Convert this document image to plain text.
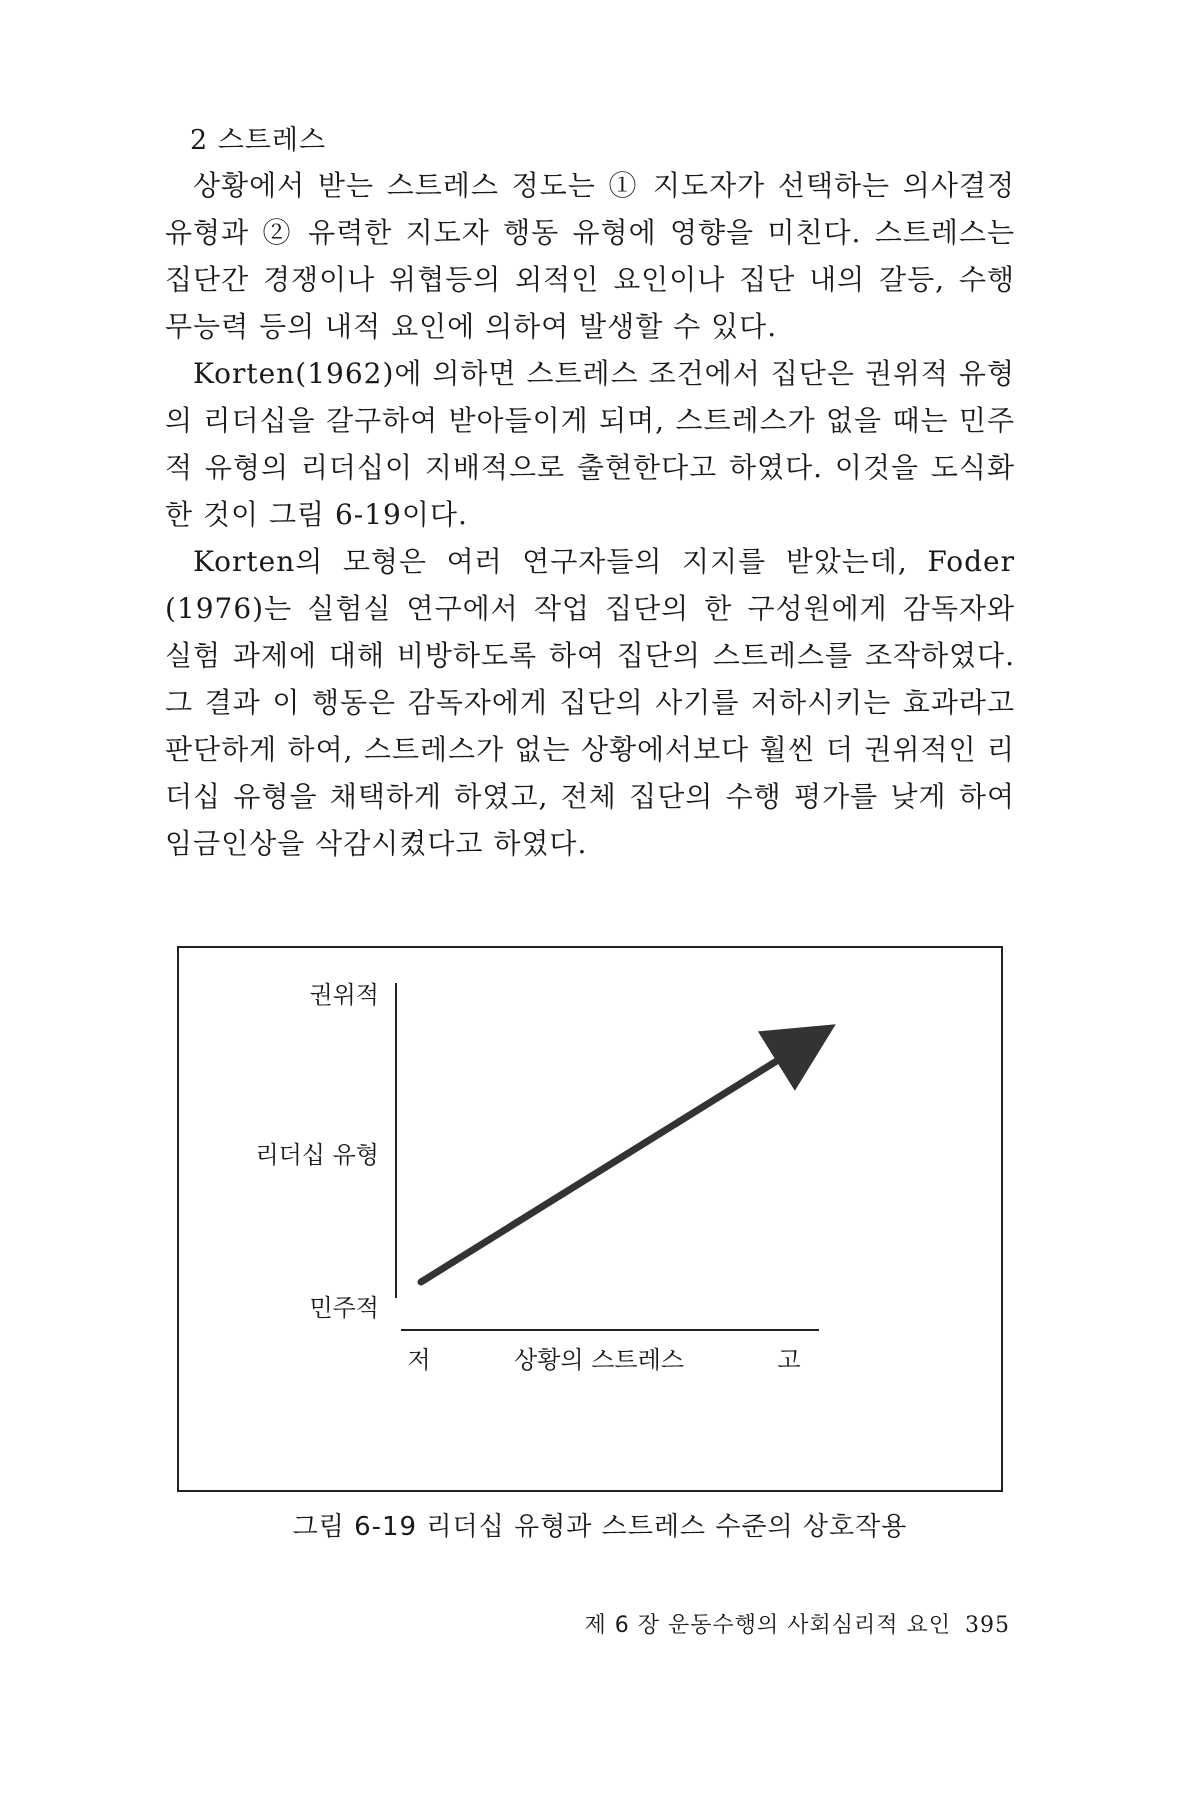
2 스트레스

상황에서 받는 스트레스 정도는 ① 지도자가 선택하는 의사결정 유형과 ② 유력한 지도자 행동 유형에 영향을 미친다. 스트레스는 집단간 경쟁이나 위협등의 외적인 요인이나 집단 내의 갈등, 수행 무능력 등의 내적 요인에 의하여 발생할 수 있다.

Korten(1962)에 의하면 스트레스 조건에서 집단은 권위적 유형의 리더십을 갈구하여 받아들이게 되며, 스트레스가 없을 때는 민주적 유형의 리더십이 지배적으로 출현한다고 하였다. 이것을 도식화한 것이 그림 6-19이다.

Korten의 모형은 여러 연구자들의 지지를 받았는데, Foder (1976)는 실험실 연구에서 작업 집단의 한 구성원에게 감독자와 실험 과제에 대해 비방하도록 하여 집단의 스트레스를 조작하였다. 그 결과 이 행동은 감독자에게 집단의 사기를 저하시키는 효과라고 판단하게 하여, 스트레스가 없는 상황에서보다 훨씬 더 권위적인 리더십 유형을 채택하게 하였고, 전체 집단의 수행 평가를 낮게 하여 임금인상을 삭감시켰다고 하였다.

권위적
리더십 유형
민주적
저	상황의 스트레스	고

그림 6-19 리더십 유형과 스트레스 수준의 상호작용

제 6 장 운동수행의 사회심리적 요인 395
